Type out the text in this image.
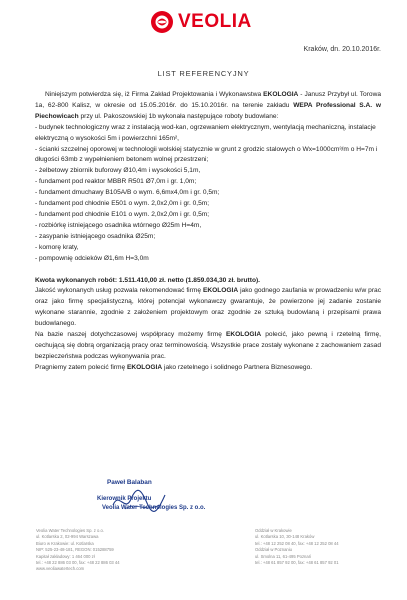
VEOLIA
Kraków, dn. 20.10.2016r.
LIST REFERENCYJNY

Niniejszym potwierdza się, iż Firma Zakład Projektowania i Wykonawstwa EKOLOGIA - Janusz Przybył ul. Torowa 1a, 62-800 Kalisz, w okresie od 15.05.2016r. do 15.10.2016r. na terenie zakładu WEPA Professional S.A. w Piechowicach przy ul. Pakoszowskiej 1b wykonała następujące roboty budowlane:

- budynek technologiczny wraz z instalacją wod-kan, ogrzewaniem elektrycznym, wentylacją mechaniczną, instalacje elektryczną o wysokości 5m i powierzchni 165m²,
- ścianki szczelnej oporowej w technologii wolskiej statycznie w grunt z grodzic stalowych o Wx=1000cm³/m o H=7m i długości 63mb z wypełnieniem betonem wolnej przestrzeni;
- żelbetowy zbiornik buforowy Ø10,4m i wysokości 5,1m,
- fundament pod reaktor MBBR R501 Ø7,0m i gr. 1,0m;
- fundament dmuchawy B105A/B o wym. 6,6mx4,0m i gr. 0,5m;
- fundament pod chłodnie E501 o wym. 2,0x2,0m i gr. 0,5m;
- fundament pod chłodnie E101 o wym. 2,0x2,0m i gr. 0,5m;
- rozbiórkę istniejącego osadnika wtórnego Ø25m H=4m,
- zasypanie istniejącego osadnika Ø25m;
- komorę kraty,
- pompownię odcieków Ø1,6m H=3,0m

Kwota wykonanych robót: 1.511.410,00 zł. netto (1.859.034,30 zł. brutto).

Jakość wykonanych usług pozwala rekomendować firmę EKOLOGIA jako godnego zaufania w prowadzeniu w/w prac oraz jako firmę specjalistyczną, której potencjał wykonawczy gwarantuje, że powierzone jej zadanie zostanie wykonane starannie, zgodnie z założeniem projektowym oraz zgodnie ze sztuką budowlaną i przepisami prawa budowlanego.

Na bazie naszej dotychczasowej współpracy możemy firmę EKOLOGIA polecić, jako pewną i rzetelną firmę, cechującą się dobrą organizacją pracy oraz terminowością. Wszystkie prace zostały wykonane z zachowaniem zasad bezpieczeństwa podczas wykonywania prac.

Pragniemy zatem polecić firmę EKOLOGIA jako rzetelnego i solidnego Partnera Biznesowego.

Paweł Balaban
Kierownik Projektu
Veolia Water Technologies Sp. z o.o.
Veolia Water Technologies Sp. z o.o.
ul. Kotlarska 2, 02-994 Warszawa
Biuro w Krakowie: ul. Kotlarska
NIP: 525-23-48-181, REGON: 015288759
Kapitał zakładowy: 1 464 000 zł
tel.: +48 22 886 03 00, fax: +48 22 886 03 44
www.veoliawatertech.com
Oddział w Krakowie
ul. Kotlarska 10, 30-148 Kraków
tel.: +48 12 252 08 40, fax: +48 12 252 08 44
Oddział w Poznaniu
ul. Smolna 11, 61-495 Poznań
tel.: +48 61 857 92 00, fax: +48 61 857 92 01
